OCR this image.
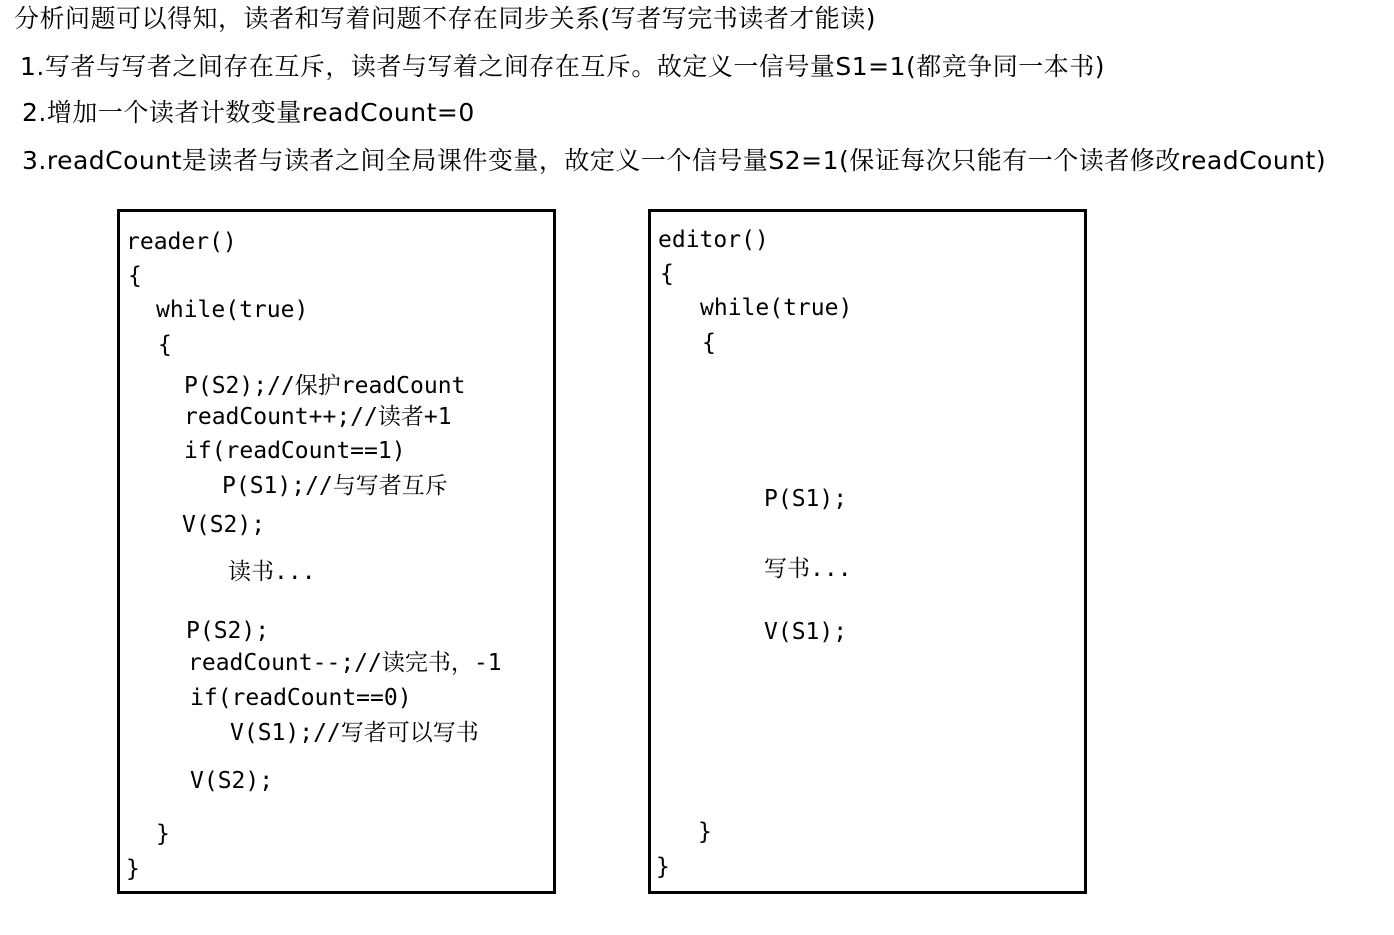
分析问题可以得知，读者和写着问题不存在同步关系(写者写完书读者才能读)
1.写者与写者之间存在互斥，读者与写着之间存在互斥。故定义一信号量S1=1(都竞争同一本书)
2.增加一个读者计数变量readCount=0
3.readCount是读者与读者之间全局课件变量，故定义一个信号量S2=1(保证每次只能有一个读者修改readCount)
reader()
{
while(true)
{
P(S2);//保护readCount
readCount++;//读者+1
if(readCount==1)
P(S1);//与写者互斥
V(S2);
读书...
P(S2);
readCount--;//读完书，-1
if(readCount==0)
V(S1);//写者可以写书
V(S2);
}
}
editor()
{
while(true)
{
P(S1);
写书...
V(S1);
}
}
